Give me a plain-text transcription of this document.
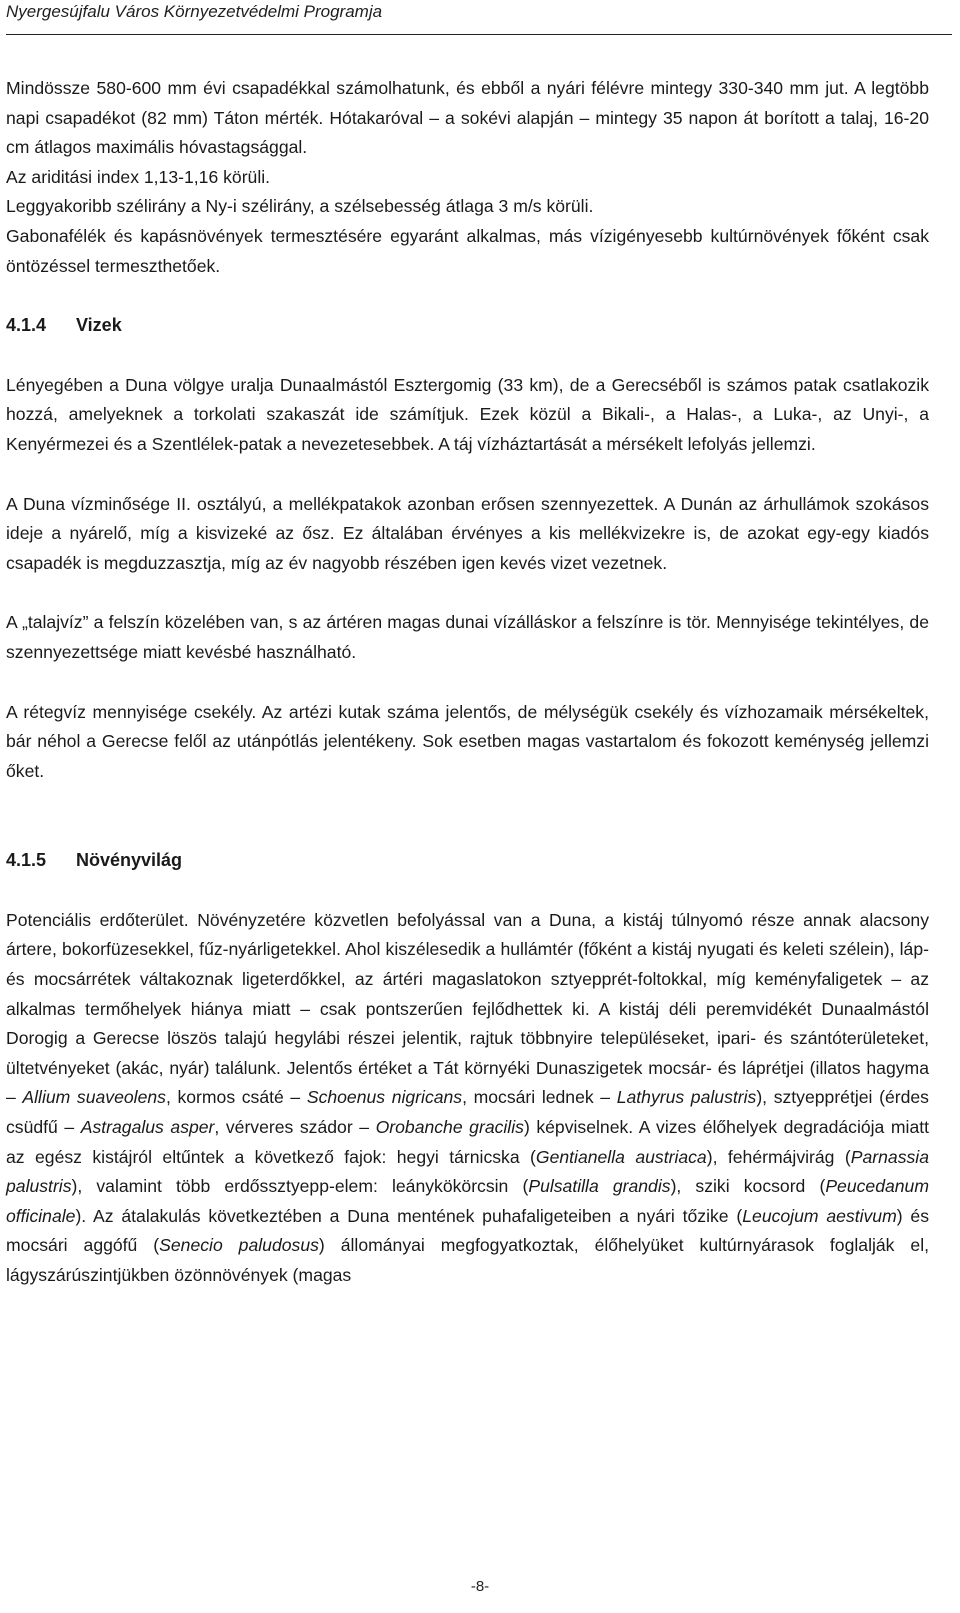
Nyergesújfalu Város Környezetvédelmi Programja

Mindössze 580-600 mm évi csapadékkal számolhatunk, és ebből a nyári félévre mintegy 330-340 mm jut. A legtöbb napi csapadékot (82 mm) Táton mérték. Hótakaróval – a sokévi alapján – mintegy 35 napon át borított a talaj, 16-20 cm átlagos maximális hóvastagsággal.

Az ariditási index 1,13-1,16 körüli.

Leggyakoribb szélirány a Ny-i szélirány, a szélsebesség átlaga 3 m/s körüli.

Gabonafélék és kapásnövények termesztésére egyaránt alkalmas, más vízigényesebb kultúrnövények főként csak öntözéssel termeszthetőek.

4.1.4 Vizek

Lényegében a Duna völgye uralja Dunaalmástól Esztergomig (33 km), de a Gerecséből is számos patak csatlakozik hozzá, amelyeknek a torkolati szakaszát ide számítjuk. Ezek közül a Bikali-, a Halas-, a Luka-, az Unyi-, a Kenyérmezei és a Szentlélek-patak a nevezetesebbek. A táj vízháztartását a mérsékelt lefolyás jellemzi.

A Duna vízminősége II. osztályú, a mellékpatakok azonban erősen szennyezettek. A Dunán az árhullámok szokásos ideje a nyárelő, míg a kisvizeké az ősz. Ez általában érvényes a kis mellékvizekre is, de azokat egy-egy kiadós csapadék is megduzzasztja, míg az év nagyobb részében igen kevés vizet vezetnek.

A „talajvíz” a felszín közelében van, s az ártéren magas dunai vízálláskor a felszínre is tör. Mennyisége tekintélyes, de szennyezettsége miatt kevésbé használható.

A rétegvíz mennyisége csekély. Az artézi kutak száma jelentős, de mélységük csekély és vízhozamaik mérsékeltek, bár néhol a Gerecse felől az utánpótlás jelentékeny. Sok esetben magas vastartalom és fokozott keménység jellemzi őket.

4.1.5 Növényvilág

Potenciális erdőterület. Növényzetére közvetlen befolyással van a Duna, a kistáj túlnyomó része annak alacsony ártere, bokorfüzesekkel, fűz-nyárligetekkel. Ahol kiszélesedik a hullámtér (főként a kistáj nyugati és keleti szélein), láp- és mocsárrétek váltakoznak ligeterdőkkel, az ártéri magaslatokon sztyepprét-foltokkal, míg keményfaligetek – az alkalmas termőhelyek hiánya miatt – csak pontszerűen fejlődhettek ki. A kistáj déli peremvidékét Dunaalmástól Dorogig a Gerecse löszös talajú hegylábi részei jelentik, rajtuk többnyire településeket, ipari- és szántóterületeket, ültetvényeket (akác, nyár) találunk. Jelentős értéket a Tát környéki Dunaszigetek mocsár- és láprétjei (illatos hagyma – Allium suaveolens, kormos csáté – Schoenus nigricans, mocsári lednek – Lathyrus palustris), sztyepprétjei (érdes csüdfű – Astragalus asper, vérveres szádor – Orobanche gracilis) képviselnek. A vizes élőhelyek degradációja miatt az egész kistájról eltűntek a következő fajok: hegyi tárnicska (Gentianella austriaca), fehérmájvirág (Parnassia palustris), valamint több erdőssztyepp-elem: leánykökörcsin (Pulsatilla grandis), sziki kocsord (Peucedanum officinale). Az átalakulás következtében a Duna mentének puhafaligeteiben a nyári tőzike (Leucojum aestivum) és mocsári aggófű (Senecio paludosus) állományai megfogyatkoztak, élőhelyüket kultúrnyárasok foglalják el, lágyszárúszintjükben özönnövények (magas

-8-
